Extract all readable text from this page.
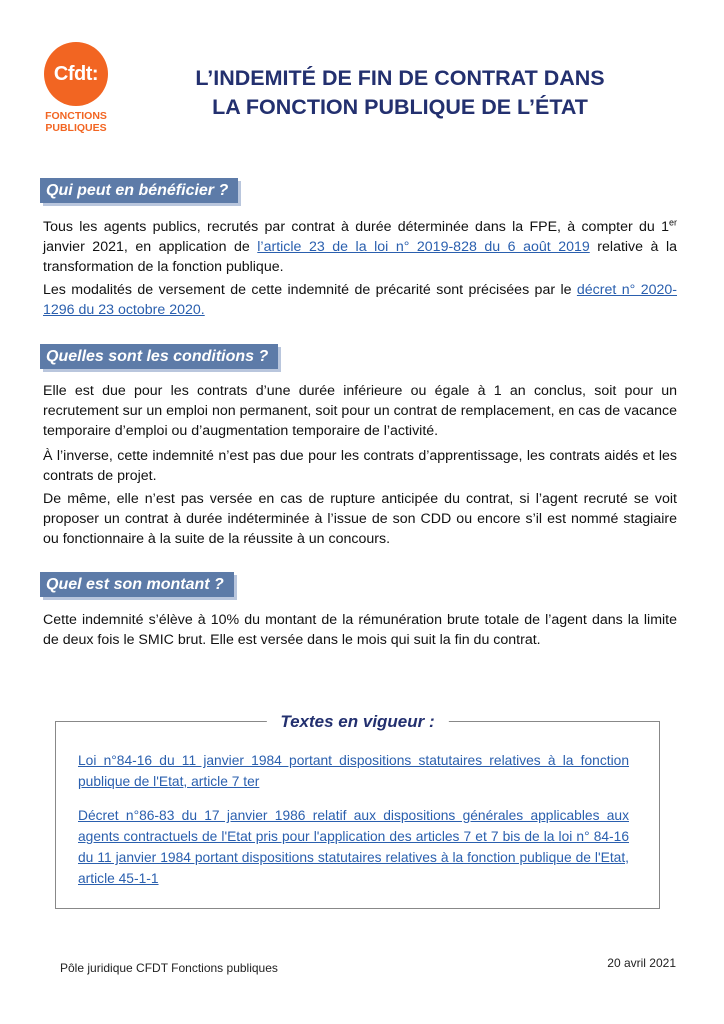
Cfdt:
FONCTIONS
PUBLIQUES
L’INDEMITÉ DE FIN DE CONTRAT DANS
LA FONCTION PUBLIQUE DE L’ÉTAT
Qui peut en bénéficier ?

Tous les agents publics, recrutés par contrat à durée déterminée dans la FPE, à compter du 1er janvier 2021, en application de l’article 23 de la loi n° 2019-828 du 6 août 2019 relative à la transformation de la fonction publique.

Les modalités de versement de cette indemnité de précarité sont précisées par le décret n° 2020-1296 du 23 octobre 2020.

Quelles sont les conditions ?

Elle est due pour les contrats d’une durée inférieure ou égale à 1 an conclus, soit pour un recrutement sur un emploi non permanent, soit pour un contrat de remplacement, en cas de vacance temporaire d’emploi ou d’augmentation temporaire de l’activité.

À l’inverse, cette indemnité n’est pas due pour les contrats d’apprentissage, les contrats aidés et les contrats de projet.

De même, elle n’est pas versée en cas de rupture anticipée du contrat, si l’agent recruté se voit proposer un contrat à durée indéterminée à l’issue de son CDD ou encore s’il est nommé stagiaire ou fonctionnaire à la suite de la réussite à un concours.

Quel est son montant ?

Cette indemnité s’élève à 10% du montant de la rémunération brute totale de l’agent dans la limite de deux fois le SMIC brut. Elle est versée dans le mois qui suit la fin du contrat.

Textes en vigueur :

Loi n°84-16 du 11 janvier 1984 portant dispositions statutaires relatives à la fonction publique de l'Etat, article 7 ter

Décret n°86-83 du 17 janvier 1986 relatif aux dispositions générales applicables aux agents contractuels de l'Etat pris pour l'application des articles 7 et 7 bis de la loi n° 84-16 du 11 janvier 1984 portant dispositions statutaires relatives à la fonction publique de l'Etat, article 45-1-1

Pôle juridique CFDT Fonctions publiques	20 avril 2021
